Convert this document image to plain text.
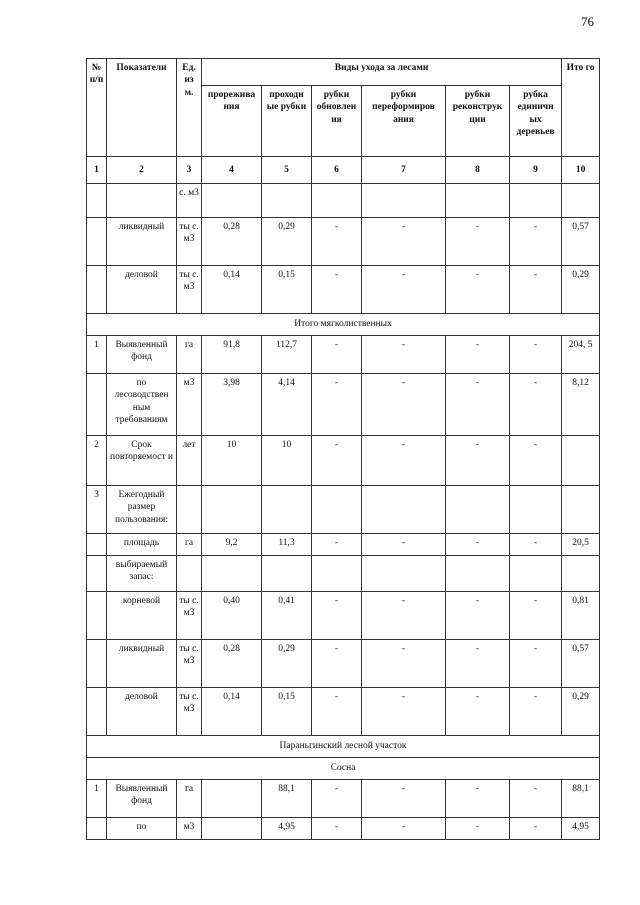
76
№ п/п	Показатели	Ед. из м.	Виды ухода за лесами						Ито го
			прорежива ния	проходн ые рубки	рубки обновлен ия	рубки переформиров ания	рубки реконструк ции	рубка единичн ых деревьев	
1	2	3	4	5	6	7	8	9	10
		с. м3							
	ликвидный	ты с. м3	0,28	0,29	-	-	-	-	0,57
	деловой	ты с. м3	0,14	0,15	-	-	-	-	0,29
Итого мягколиственных									
1	Выявленный фонд	га	91,8	112,7	-	-	-	-	204, 5
	по лесоводствен ным требованиям	м3	3,98	4,14	-	-	-	-	8,12
2	Срок повторяемост и	лет	10	10	-	-	-	-	
3	Ежегодный размер пользования:								
	площадь	га	9,2	11,3	-	-	-	-	20,5
	выбираемый запас:								
	корневой	ты с. м3	0,40	0,41	-	-	-	-	0,81
	ликвидный	ты с. м3	0,28	0,29	-	-	-	-	0,57
	деловой	ты с. м3	0,14	0,15	-	-	-	-	0,29
Параньгинский лесной участок									
Сосна									
1	Выявленный фонд	га		88,1	-	-	-	-	88,1
	по	м3		4,95	-	-	-	-	4,95
